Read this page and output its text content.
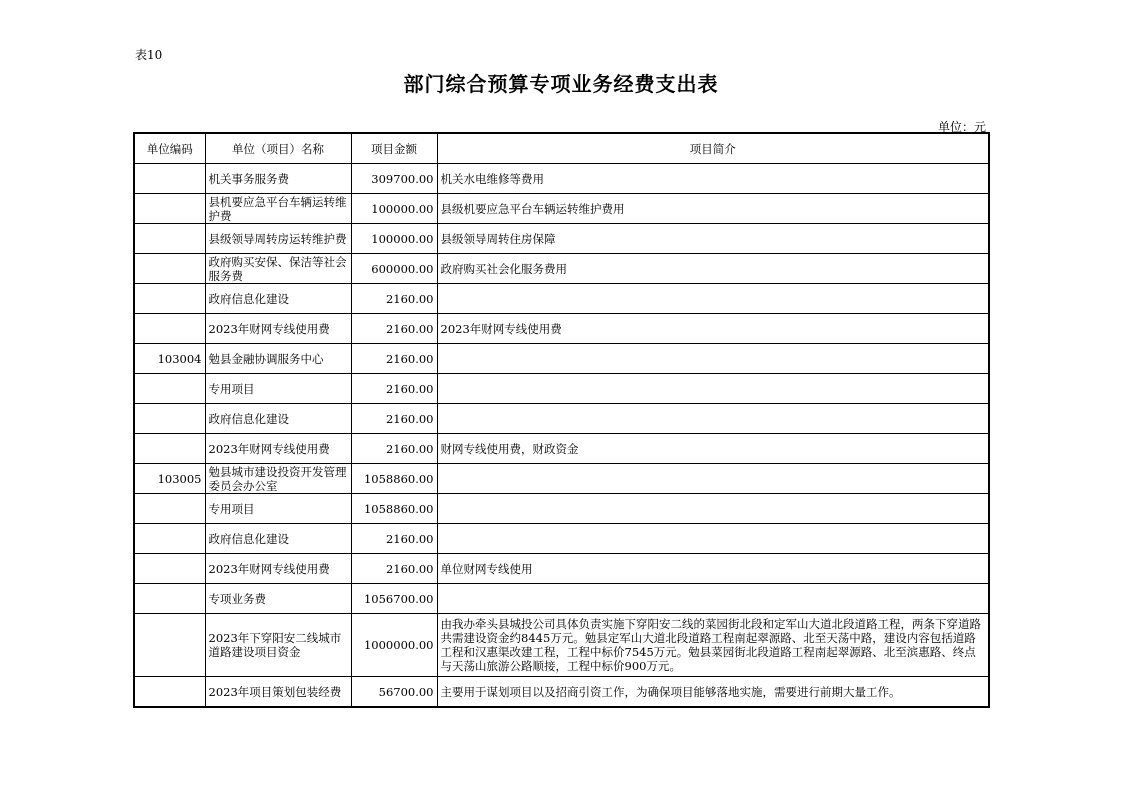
表10
部门综合预算专项业务经费支出表
单位：元
单位编码	单位（项目）名称	项目金额	项目简介
	机关事务服务费	309700.00	机关水电维修等费用
	县机要应急平台车辆运转维护费	100000.00	县级机要应急平台车辆运转维护费用
	县级领导周转房运转维护费	100000.00	县级领导周转住房保障
	政府购买安保、保洁等社会服务费	600000.00	政府购买社会化服务费用
	政府信息化建设	2160.00	
	2023年财网专线使用费	2160.00	2023年财网专线使用费
103004	勉县金融协调服务中心	2160.00	
	专用项目	2160.00	
	政府信息化建设	2160.00	
	2023年财网专线使用费	2160.00	财网专线使用费，财政资金
103005	勉县城市建设投资开发管理委员会办公室	1058860.00	
	专用项目	1058860.00	
	政府信息化建设	2160.00	
	2023年财网专线使用费	2160.00	单位财网专线使用
	专项业务费	1056700.00	
	2023年下穿阳安二线城市道路建设项目资金	1000000.00	由我办牵头县城投公司具体负责实施下穿阳安二线的菜园街北段和定军山大道北段道路工程，两条下穿道路共需建设资金约8445万元。勉县定军山大道北段道路工程南起翠源路、北至天荡中路，建设内容包括道路工程和汉惠渠改建工程，工程中标价7545万元。勉县菜园街北段道路工程南起翠源路、北至滨惠路、终点与天荡山旅游公路顺接，工程中标价900万元。
	2023年项目策划包装经费	56700.00	主要用于谋划项目以及招商引资工作，为确保项目能够落地实施，需要进行前期大量工作。
